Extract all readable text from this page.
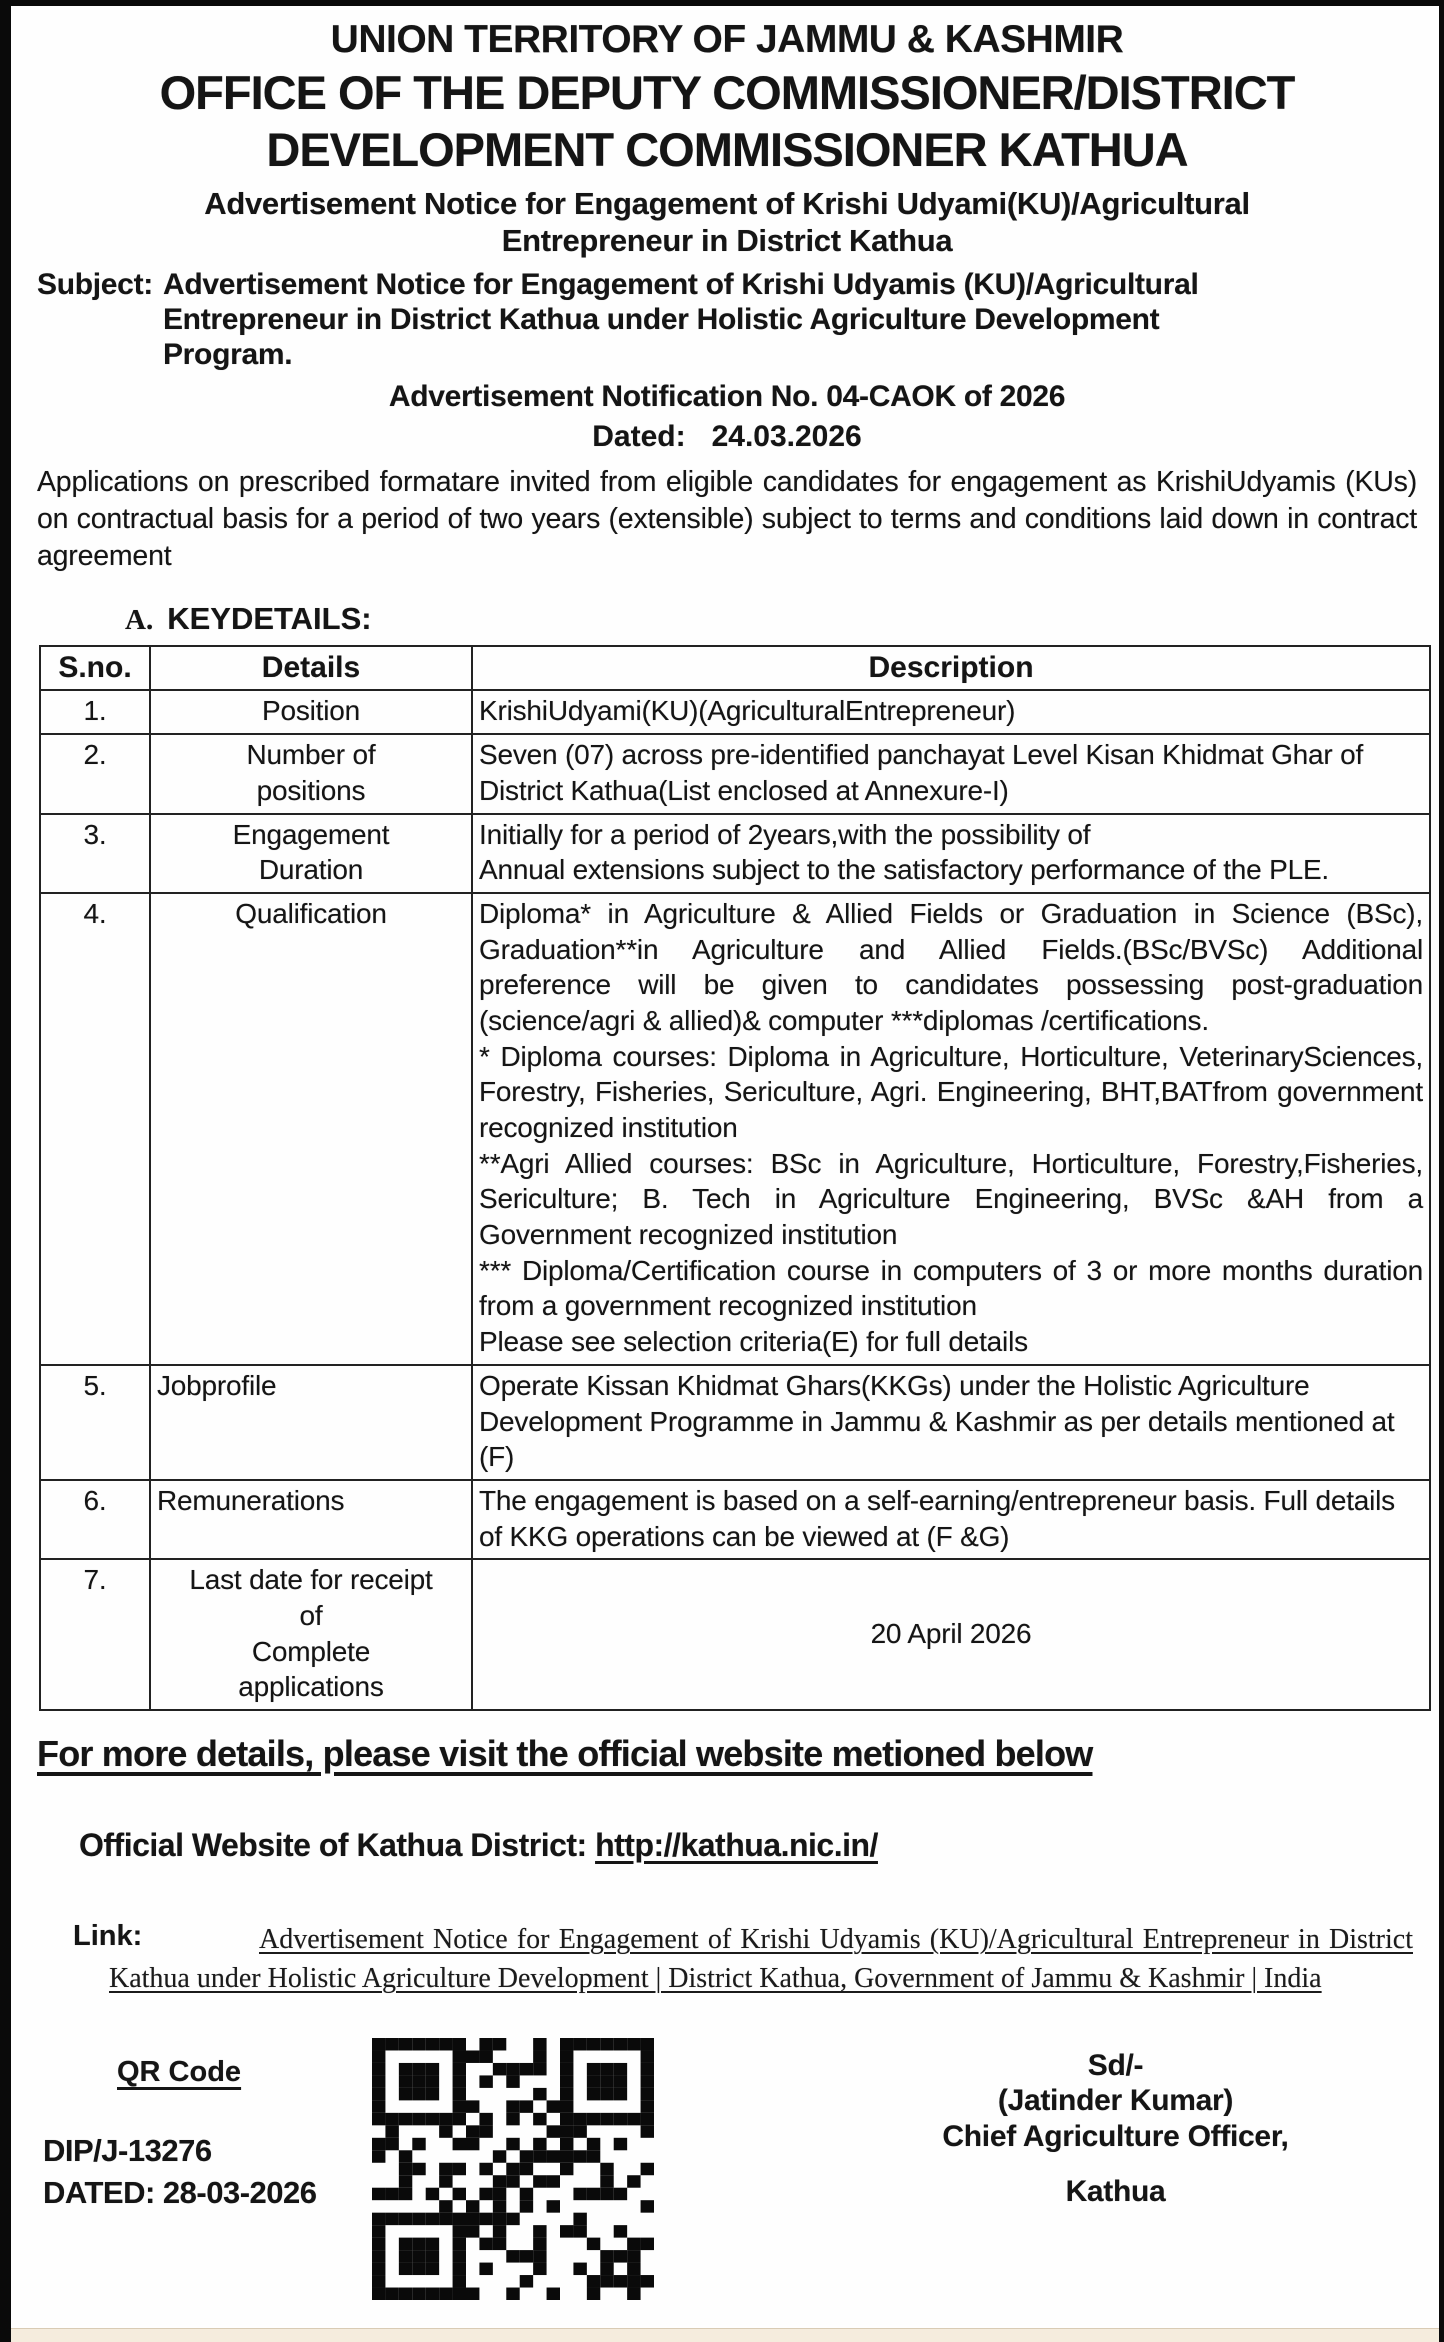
UNION TERRITORY OF JAMMU & KASHMIR
OFFICE OF THE DEPUTY COMMISSIONER/DISTRICT
DEVELOPMENT COMMISSIONER KATHUA
Advertisement Notice for Engagement of Krishi Udyami(KU)/Agricultural
Entrepreneur in District Kathua
Subject: Advertisement Notice for Engagement of Krishi Udyamis (KU)/Agricultural
Entrepreneur in District Kathua under Holistic Agriculture Development
Program.
Advertisement Notification No. 04-CAOK of 2026
Dated: 24.03.2026

Applications on prescribed formatare invited from eligible candidates for engagement as KrishiUdyamis (KUs) on contractual basis for a period of two years (extensible) subject to terms and conditions laid down in contract agreement

A. KEYDETAILS:
S.no.	Details	Description
1.	Position	KrishiUdyami(KU)(AgriculturalEntrepreneur)
2.	Number of
positions	Seven (07) across pre-identified panchayat Level Kisan Khidmat Ghar of District Kathua(List enclosed at Annexure-I)
3.	Engagement
Duration	Initially for a period of 2years,with the possibility of
Annual extensions subject to the satisfactory performance of the PLE.
4.	Qualification	Diploma* in Agriculture & Allied Fields or Graduation in Science (BSc), Graduation**in Agriculture and Allied Fields.(BSc/BVSc) Additional preference will be given to candidates possessing post-graduation (science/agri & allied)& computer ***diplomas /certifications.
* Diploma courses: Diploma in Agriculture, Horticulture, VeterinarySciences, Forestry, Fisheries, Sericulture, Agri. Engineering, BHT,BATfrom government recognized institution
**Agri Allied courses: BSc in Agriculture, Horticulture, Forestry,Fisheries, Sericulture; B. Tech in Agriculture Engineering, BVSc &AH from a Government recognized institution
*** Diploma/Certification course in computers of 3 or more months duration from a government recognized institution
Please see selection criteria(E) for full details
5.	Jobprofile	Operate Kissan Khidmat Ghars(KKGs) under the Holistic Agriculture Development Programme in Jammu & Kashmir as per details mentioned at (F)
6.	Remunerations	The engagement is based on a self-earning/entrepreneur basis. Full details of KKG operations can be viewed at (F &G)
7.	Last date for receipt
of
Complete
applications	20 April 2026
For more details, please visit the official website metioned below
Official Website of Kathua District: http://kathua.nic.in/
Link:	Advertisement Notice for Engagement of Krishi Udyamis (KU)/Agricultural Entrepreneur in District Kathua under Holistic Agriculture Development | District Kathua, Government of Jammu & Kashmir | India

QR Code
DIP/J-13276
DATED: 28-03-2026
Sd/-
(Jatinder Kumar)
Chief Agriculture Officer,
Kathua
